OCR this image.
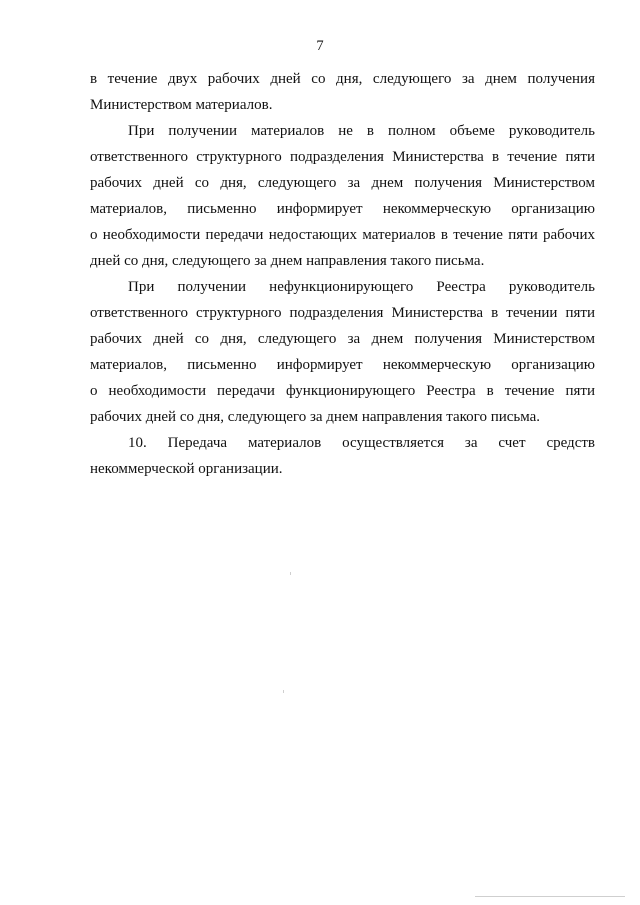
7
в течение двух рабочих дней со дня, следующего за днем получения
Министерством материалов.
При получении материалов не в полном объеме руководитель
ответственного структурного подразделения Министерства в течение пяти
рабочих дней со дня, следующего за днем получения Министерством
материалов, письменно информирует некоммерческую организацию
о необходимости передачи недостающих материалов в течение пяти рабочих
дней со дня, следующего за днем направления такого письма.
При получении нефункционирующего Реестра руководитель
ответственного структурного подразделения Министерства в течении пяти
рабочих дней со дня, следующего за днем получения Министерством
материалов, письменно информирует некоммерческую организацию
о необходимости передачи функционирующего Реестра в течение пяти
рабочих дней со дня, следующего за днем направления такого письма.
10. Передача материалов осуществляется за счет средств
некоммерческой организации.
